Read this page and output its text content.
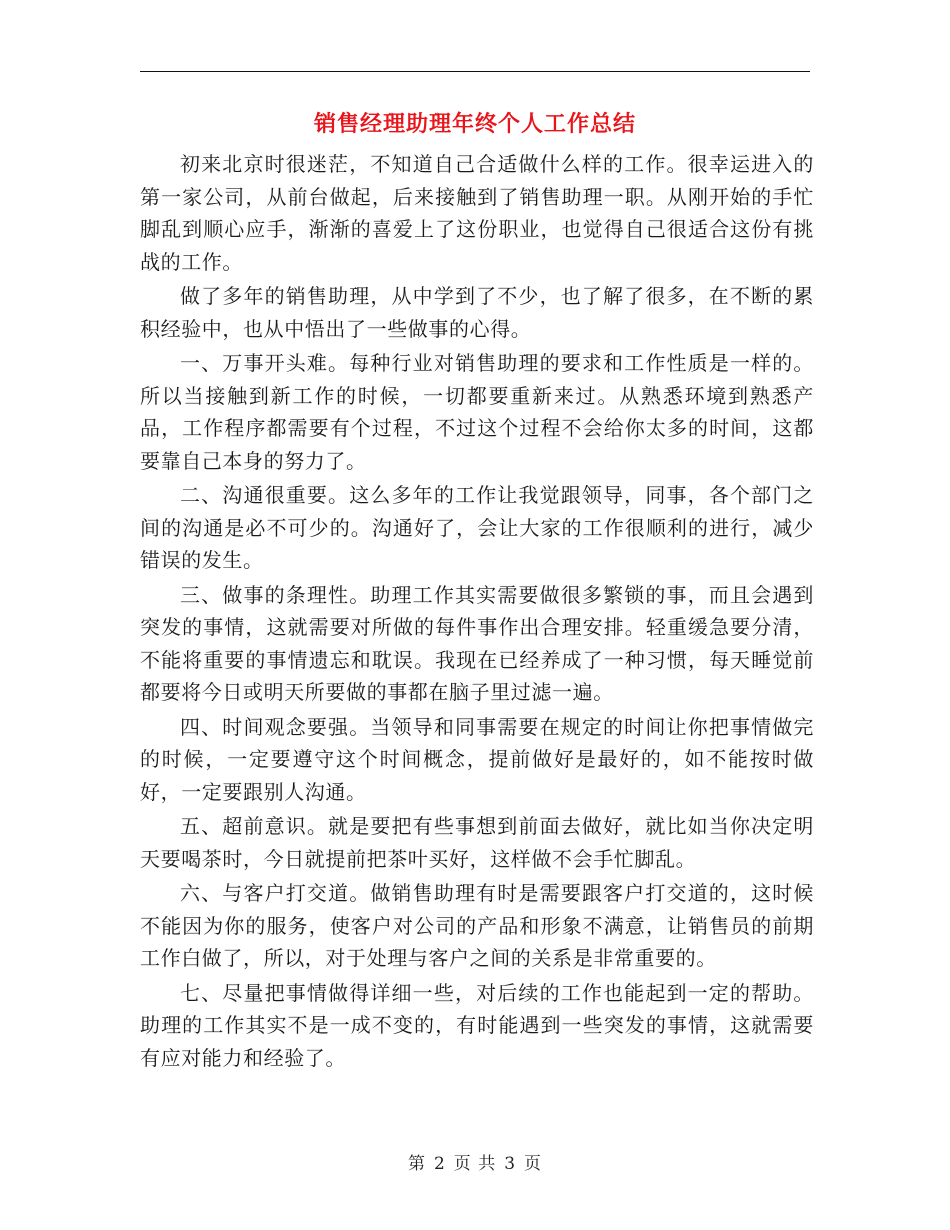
销售经理助理年终个人工作总结

初来北京时很迷茫，不知道自己合适做什么样的工作。很幸运进入的第一家公司，从前台做起，后来接触到了销售助理一职。从刚开始的手忙脚乱到顺心应手，渐渐的喜爱上了这份职业，也觉得自己很适合这份有挑战的工作。

做了多年的销售助理，从中学到了不少，也了解了很多，在不断的累积经验中，也从中悟出了一些做事的心得。

一、万事开头难。每种行业对销售助理的要求和工作性质是一样的。所以当接触到新工作的时候，一切都要重新来过。从熟悉环境到熟悉产品，工作程序都需要有个过程，不过这个过程不会给你太多的时间，这都要靠自己本身的努力了。

二、沟通很重要。这么多年的工作让我觉跟领导，同事，各个部门之间的沟通是必不可少的。沟通好了，会让大家的工作很顺利的进行，减少错误的发生。

三、做事的条理性。助理工作其实需要做很多繁锁的事，而且会遇到突发的事情，这就需要对所做的每件事作出合理安排。轻重缓急要分清，不能将重要的事情遗忘和耽误。我现在已经养成了一种习惯，每天睡觉前都要将今日或明天所要做的事都在脑子里过滤一遍。

四、时间观念要强。当领导和同事需要在规定的时间让你把事情做完的时候，一定要遵守这个时间概念，提前做好是最好的，如不能按时做好，一定要跟别人沟通。

五、超前意识。就是要把有些事想到前面去做好，就比如当你决定明天要喝茶时，今日就提前把茶叶买好，这样做不会手忙脚乱。

六、与客户打交道。做销售助理有时是需要跟客户打交道的，这时候不能因为你的服务，使客户对公司的产品和形象不满意，让销售员的前期工作白做了，所以，对于处理与客户之间的关系是非常重要的。

七、尽量把事情做得详细一些，对后续的工作也能起到一定的帮助。助理的工作其实不是一成不变的，有时能遇到一些突发的事情，这就需要有应对能力和经验了。

第 2 页 共 3 页
